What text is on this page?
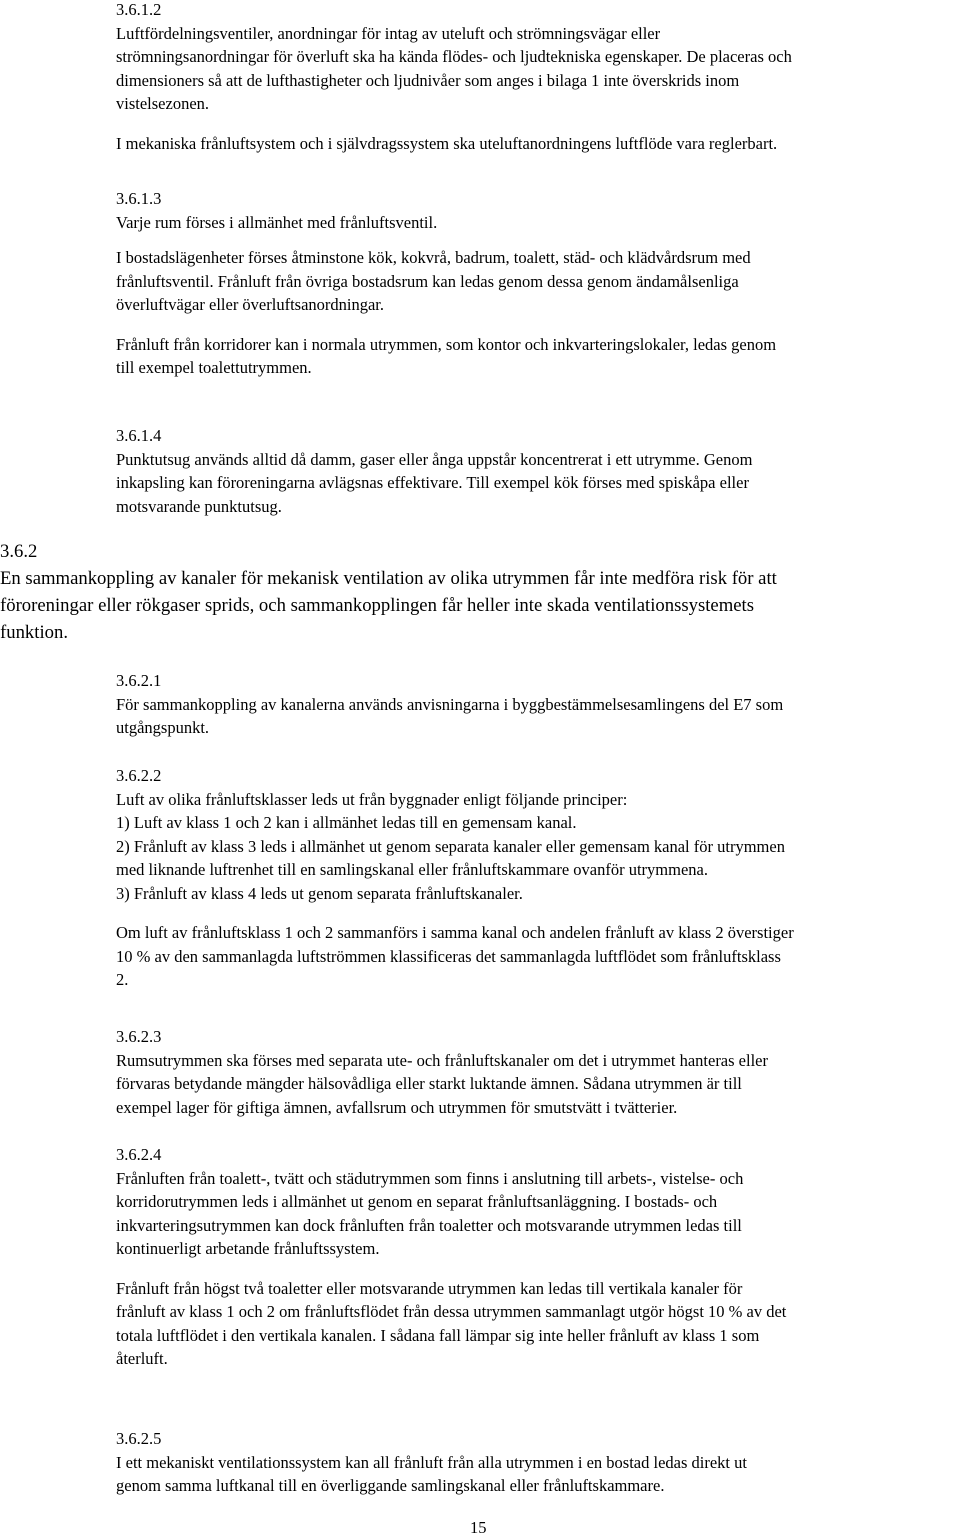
3.6.1.2
Luftfördelningsventiler, anordningar för intag av uteluft och strömningsvägar eller
strömningsanordningar för överluft ska ha kända flödes- och ljudtekniska egenskaper. De placeras och
dimensioners så att de lufthastigheter och ljudnivåer som anges i bilaga 1 inte överskrids inom
vistelsezonen.
I mekaniska frånluftsystem och i självdragssystem ska uteluftanordningens luftflöde vara reglerbart.
3.6.1.3
Varje rum förses i allmänhet med frånluftsventil.
I bostadslägenheter förses åtminstone kök, kokvrå, badrum, toalett, städ- och klädvårdsrum med
frånluftsventil. Frånluft från övriga bostadsrum kan ledas genom dessa genom ändamålsenliga
överluftvägar eller överluftsanordningar.
Frånluft från korridorer kan i normala utrymmen, som kontor och inkvarteringslokaler, ledas genom
till exempel toalettutrymmen.
3.6.1.4
Punktutsug används alltid då damm, gaser eller ånga uppstår koncentrerat i ett utrymme. Genom
inkapsling kan föroreningarna avlägsnas effektivare. Till exempel kök förses med spiskåpa eller
motsvarande punktutsug.
3.6.2
En sammankoppling av kanaler för mekanisk ventilation av olika utrymmen får inte medföra risk för att
föroreningar eller rökgaser sprids, och sammankopplingen får heller inte skada ventilationssystemets
funktion.
3.6.2.1
För sammankoppling av kanalerna används anvisningarna i byggbestämmelsesamlingens del E7 som
utgångspunkt.
3.6.2.2
Luft av olika frånluftsklasser leds ut från byggnader enligt följande principer:
1) Luft av klass 1 och 2 kan i allmänhet ledas till en gemensam kanal.
2) Frånluft av klass 3 leds i allmänhet ut genom separata kanaler eller gemensam kanal för utrymmen
med liknande luftrenhet till en samlingskanal eller frånluftskammare ovanför utrymmena.
3) Frånluft av klass 4 leds ut genom separata frånluftskanaler.
Om luft av frånluftsklass 1 och 2 sammanförs i samma kanal och andelen frånluft av klass 2 överstiger
10 % av den sammanlagda luftströmmen klassificeras det sammanlagda luftflödet som frånluftsklass
2.
3.6.2.3
Rumsutrymmen ska förses med separata ute- och frånluftskanaler om det i utrymmet hanteras eller
förvaras betydande mängder hälsovådliga eller starkt luktande ämnen. Sådana utrymmen är till
exempel lager för giftiga ämnen, avfallsrum och utrymmen för smutstvätt i tvätterier.
3.6.2.4
Frånluften från toalett-, tvätt och städutrymmen som finns i anslutning till arbets-, vistelse- och
korridorutrymmen leds i allmänhet ut genom en separat frånluftsanläggning. I bostads- och
inkvarteringsutrymmen kan dock frånluften från toaletter och motsvarande utrymmen ledas till
kontinuerligt arbetande frånluftssystem.
Frånluft från högst två toaletter eller motsvarande utrymmen kan ledas till vertikala kanaler för
frånluft av klass 1 och 2 om frånluftsflödet från dessa utrymmen sammanlagt utgör högst 10 % av det
totala luftflödet i den vertikala kanalen. I sådana fall lämpar sig inte heller frånluft av klass 1 som
återluft.
3.6.2.5
I ett mekaniskt ventilationssystem kan all frånluft från alla utrymmen i en bostad ledas direkt ut
genom samma luftkanal till en överliggande samlingskanal eller frånluftskammare.
15
